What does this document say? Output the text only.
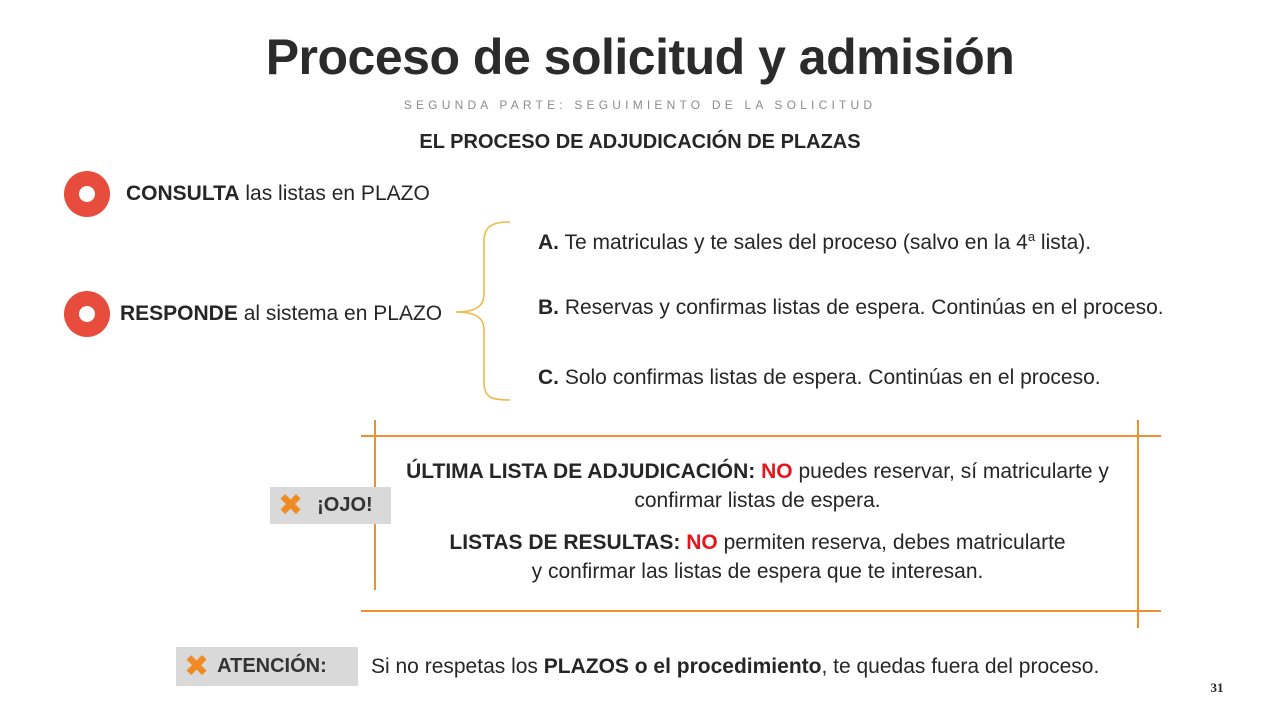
Proceso de solicitud y admisión
SEGUNDA PARTE: SEGUIMIENTO DE LA SOLICITUD
EL PROCESO DE ADJUDICACIÓN DE PLAZAS
CONSULTA las listas en PLAZO
RESPONDE al sistema en PLAZO
A. Te matriculas y te sales del proceso (salvo en la 4$^a$ lista).
B. Reservas y confirmas listas de espera. Continúas en el proceso.
C. Solo confirmas listas de espera. Continúas en el proceso.
✖ ¡OJO!
ÚLTIMA LISTA DE ADJUDICACIÓN: NO puedes reservar, sí matricularte y
confirmar listas de espera.
LISTAS DE RESULTAS: NO permiten reserva, debes matricularte
y confirmar las listas de espera que te interesan.
✖ ATENCIÓN: Si no respetas los PLAZOS o el procedimiento, te quedas fuera del proceso.
31
